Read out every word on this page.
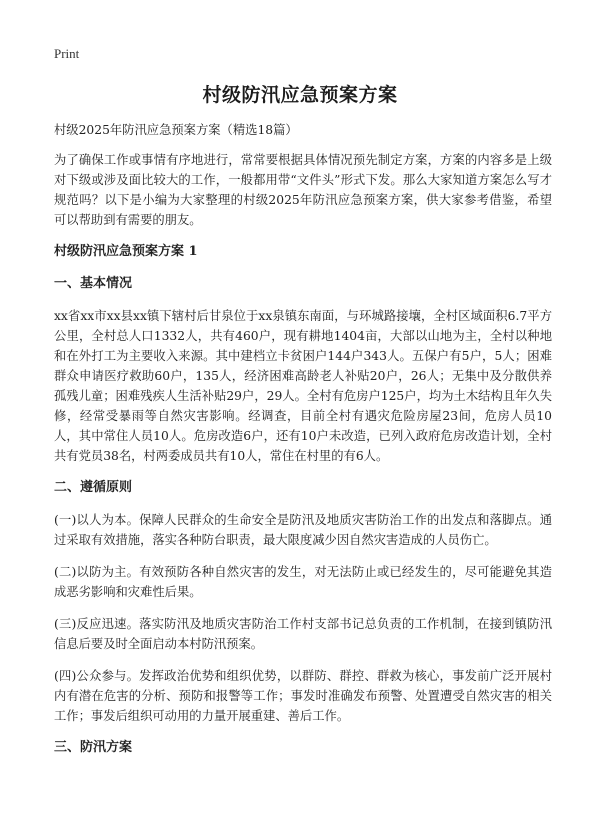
Print
村级防汛应急预案方案
村级2025年防汛应急预案方案（精选18篇）
为了确保工作或事情有序地进行，常常要根据具体情况预先制定方案，方案的内容多是上级对下级或涉及面比较大的工作，一般都用带“文件头”形式下发。那么大家知道方案怎么写才规范吗？以下是小编为大家整理的村级2025年防汛应急预案方案，供大家参考借鉴，希望可以帮助到有需要的朋友。
村级防汛应急预案方案 1
一、基本情况
xx省xx市xx县xx镇下辖村后甘泉位于xx泉镇东南面，与环城路接壤，全村区域面积6.7平方公里，全村总人口1332人，共有460户，现有耕地1404亩，大部以山地为主，全村以种地和在外打工为主要收入来源。其中建档立卡贫困户144户343人。五保户有5户，5人；困难群众申请医疗救助60户，135人，经济困难高龄老人补贴20户，26人；无集中及分散供养孤残儿童；困难残疾人生活补贴29户，29人。全村有危房户125户，均为土木结构且年久失修，经常受暴雨等自然灾害影响。经调查，目前全村有遇灾危险房屋23间，危房人员10人，其中常住人员10人。危房改造6户，还有10户未改造，已列入政府危房改造计划，全村共有党员38名，村两委成员共有10人，常住在村里的有6人。
二、遵循原则
(一)以人为本。保障人民群众的生命安全是防汛及地质灾害防治工作的出发点和落脚点。通过采取有效措施，落实各种防台职责，最大限度减少因自然灾害造成的人员伤亡。
(二)以防为主。有效预防各种自然灾害的发生，对无法防止或已经发生的，尽可能避免其造成恶劣影响和灾难性后果。
(三)反应迅速。落实防汛及地质灾害防治工作村支部书记总负责的工作机制，在接到镇防汛信息后要及时全面启动本村防汛预案。
(四)公众参与。发挥政治优势和组织优势，以群防、群控、群救为核心，事发前广泛开展村内有潜在危害的分析、预防和报警等工作；事发时准确发布预警、处置遭受自然灾害的相关工作；事发后组织可动用的力量开展重建、善后工作。
三、防汛方案
